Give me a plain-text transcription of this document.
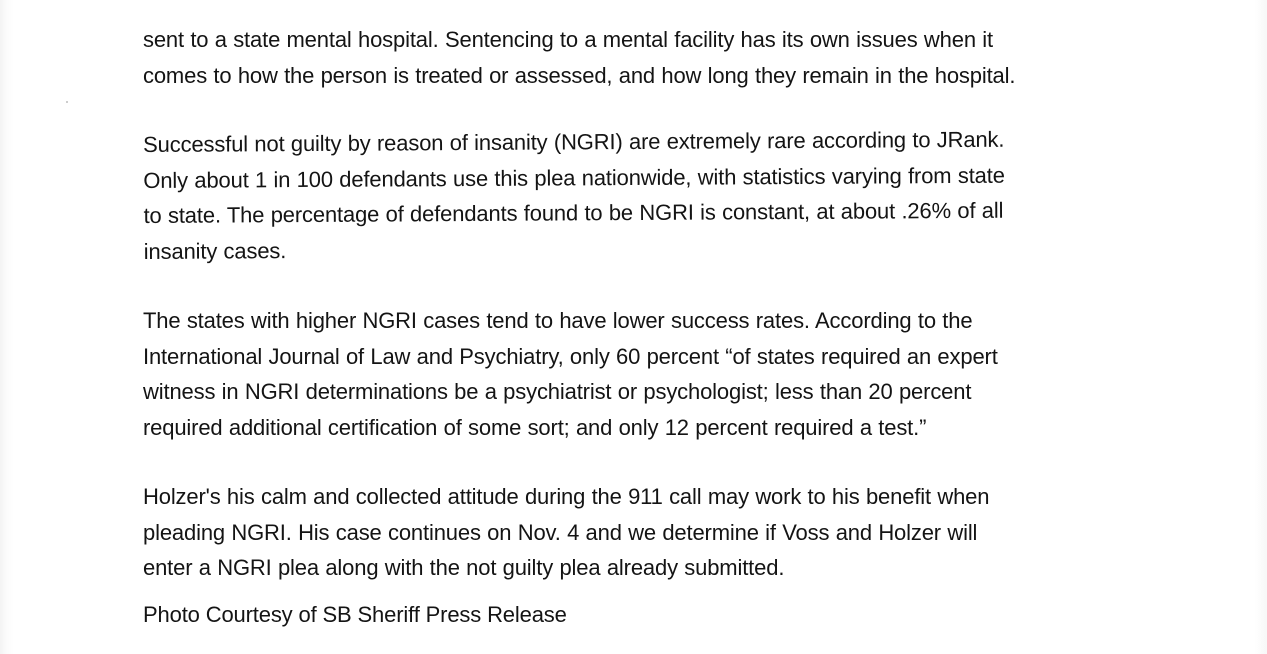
sent to a state mental hospital. Sentencing to a mental facility has its own issues when it
comes to how the person is treated or assessed, and how long they remain in the hospital.

Successful not guilty by reason of insanity (NGRI) are extremely rare according to JRank.
Only about 1 in 100 defendants use this plea nationwide, with statistics varying from state
to state. The percentage of defendants found to be NGRI is constant, at about .26% of all
insanity cases.

The states with higher NGRI cases tend to have lower success rates. According to the
International Journal of Law and Psychiatry, only 60 percent “of states required an expert
witness in NGRI determinations be a psychiatrist or psychologist; less than 20 percent
required additional certification of some sort; and only 12 percent required a test.”

Holzer's his calm and collected attitude during the 911 call may work to his benefit when
pleading NGRI. His case continues on Nov. 4 and we determine if Voss and Holzer will
enter a NGRI plea along with the not guilty plea already submitted.

Photo Courtesy of SB Sheriff Press Release
